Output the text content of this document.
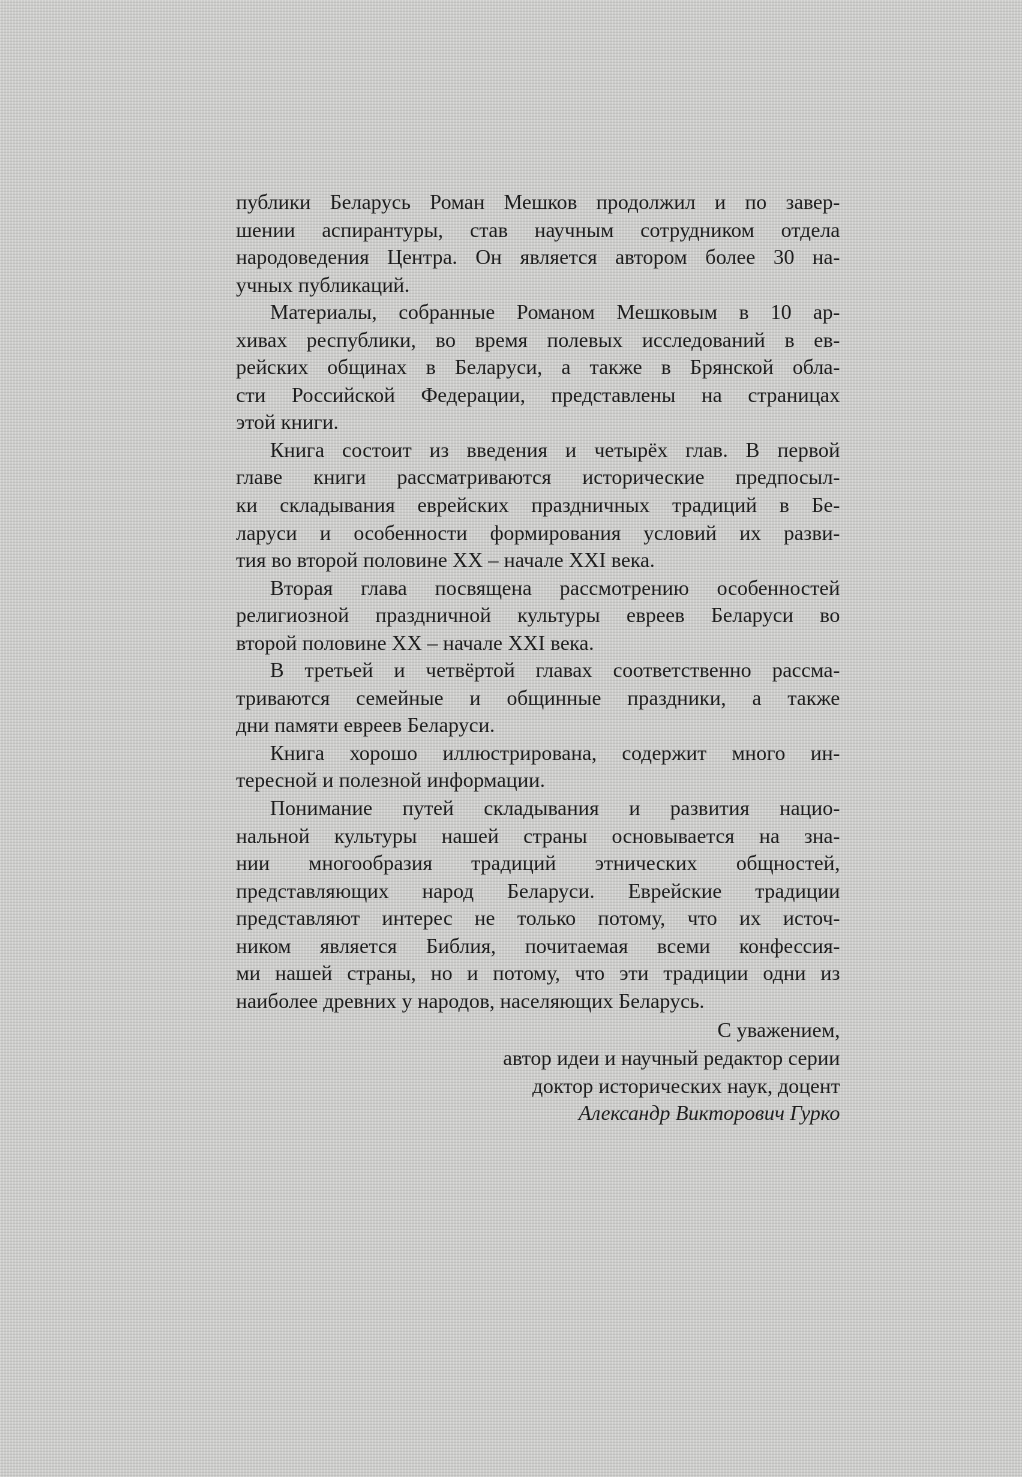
публики Беларусь Роман Мешков продолжил и по завер-
шении аспирантуры, став научным сотрудником отдела
народоведения Центра. Он является автором более 30 на-
учных публикаций.
Материалы, собранные Романом Мешковым в 10 ар-
хивах республики, во время полевых исследований в ев-
рейских общинах в Беларуси, а также в Брянской обла-
сти Российской Федерации, представлены на страницах
этой книги.
Книга состоит из введения и четырёх глав. В первой
главе книги рассматриваются исторические предпосыл-
ки складывания еврейских праздничных традиций в Бе-
ларуси и особенности формирования условий их разви-
тия во второй половине XX – начале XXI века.
Вторая глава посвящена рассмотрению особенностей
религиозной праздничной культуры евреев Беларуси во
второй половине XX – начале XXI века.
В третьей и четвёртой главах соответственно рассма-
триваются семейные и общинные праздники, а также
дни памяти евреев Беларуси.
Книга хорошо иллюстрирована, содержит много ин-
тересной и полезной информации.
Понимание путей складывания и развития нацио-
нальной культуры нашей страны основывается на зна-
нии многообразия традиций этнических общностей,
представляющих народ Беларуси. Еврейские традиции
представляют интерес не только потому, что их источ-
ником является Библия, почитаемая всеми конфессия-
ми нашей страны, но и потому, что эти традиции одни из
наиболее древних у народов, населяющих Беларусь.
С уважением,
автор идеи и научный редактор серии
доктор исторических наук, доцент
Александр Викторович Гурко
